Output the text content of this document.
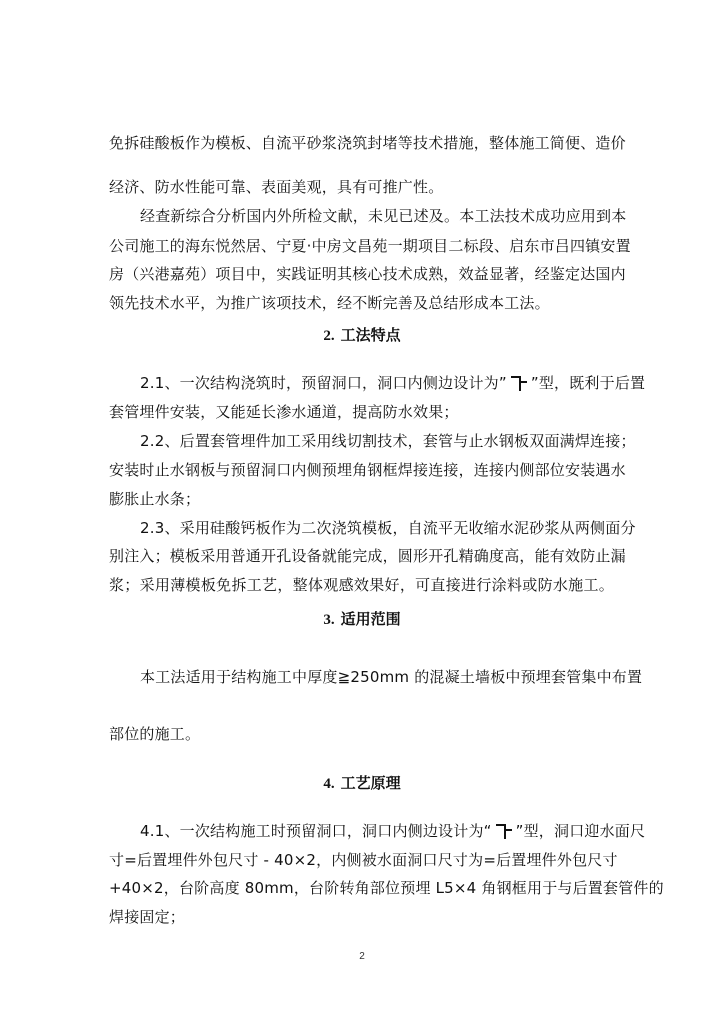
免拆硅酸板作为模板、自流平砂浆浇筑封堵等技术措施，整体施工简便、造价
经济、防水性能可靠、表面美观，具有可推广性。
经查新综合分析国内外所检文献，未见已述及。本工法技术成功应用到本
公司施工的海东悦然居、宁夏·中房文昌苑一期项目二标段、启东市吕四镇安置
房（兴港嘉苑）项目中，实践证明其核心技术成熟，效益显著，经鉴定达国内
领先技术水平，为推广该项技术，经不断完善及总结形成本工法。
2. 工法特点
2.1、一次结构浇筑时，预留洞口，洞口内侧边设计为” ”型，既利于后置
套管埋件安装，又能延长渗水通道，提高防水效果；
2.2、后置套管埋件加工采用线切割技术，套管与止水钢板双面满焊连接；
安装时止水钢板与预留洞口内侧预埋角钢框焊接连接，连接内侧部位安装遇水
膨胀止水条；
2.3、采用硅酸钙板作为二次浇筑模板，自流平无收缩水泥砂浆从两侧面分
别注入；模板采用普通开孔设备就能完成，圆形开孔精确度高，能有效防止漏
浆；采用薄模板免拆工艺，整体观感效果好，可直接进行涂料或防水施工。
3. 适用范围
本工法适用于结构施工中厚度≧250mm 的混凝土墙板中预埋套管集中布置
部位的施工。
4. 工艺原理
4.1、一次结构施工时预留洞口，洞口内侧边设计为“ ”型，洞口迎水面尺
寸=后置埋件外包尺寸 - 40×2，内侧被水面洞口尺寸为=后置埋件外包尺寸
+40×2，台阶高度 80mm，台阶转角部位预埋 L5×4 角钢框用于与后置套管件的
焊接固定；
2
